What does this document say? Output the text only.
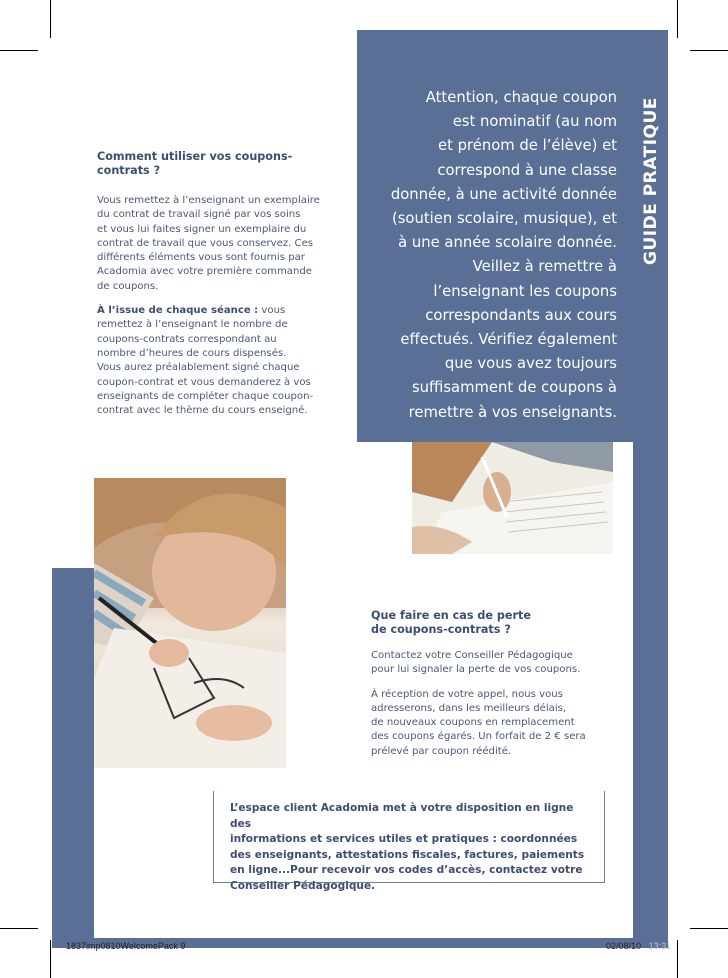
GUIDE PRATIQUE
Attention, chaque coupon
est nominatif (au nom
et prénom de l’élève) et
correspond à une classe
donnée, à une activité donnée
(soutien scolaire, musique), et
à une année scolaire donnée.
Veillez à remettre à
l’enseignant les coupons
correspondants aux cours
effectués. Vérifiez également
que vous avez toujours
suffisamment de coupons à
remettre à vos enseignants.
Comment utiliser vos coupons-contrats ?
Vous remettez à l’enseignant un exemplaire
du contrat de travail signé par vos soins
et vous lui faites signer un exemplaire du
contrat de travail que vous conservez. Ces
différents éléments vous sont fournis par
Acadomia avec votre première commande
de coupons.
À l’issue de chaque séance : vous
remettez à l’enseignant le nombre de
coupons-contrats correspondant au
nombre d’heures de cours dispensés.
Vous aurez préalablement signé chaque
coupon-contrat et vous demanderez à vos
enseignants de compléter chaque coupon-
contrat avec le thème du cours enseigné.
Que faire en cas de perte
de coupons-contrats ?
Contactez votre Conseiller Pédagogique
pour lui signaler la perte de vos coupons.
À réception de votre appel, nous vous
adresserons, dans les meilleurs délais,
de nouveaux coupons en remplacement
des coupons égarés. Un forfait de 2 € sera
prélevé par coupon réédité.
L’espace client Acadomia met à votre disposition en ligne des
informations et services utiles et pratiques : coordonnées
des enseignants, attestations fiscales, factures, paiements
en ligne...Pour recevoir vos codes d’accès, contactez votre
Conseiller Pédagogique.
1837imp0810WelcomePack 9	02/08/10 13:31
